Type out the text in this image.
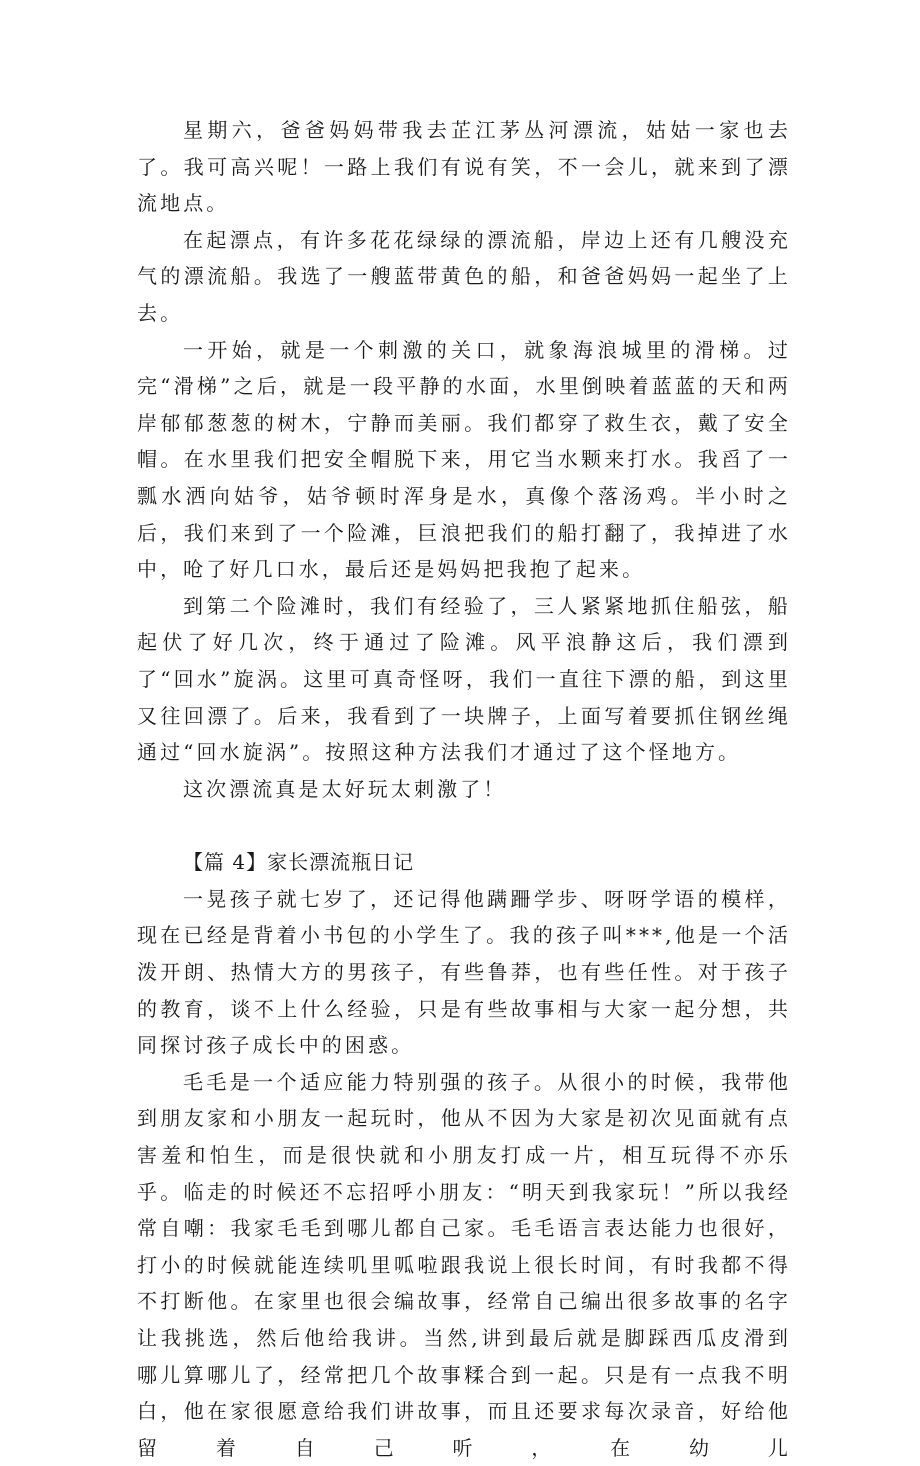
星期六，爸爸妈妈带我去芷江茅丛河漂流，姑姑一家也去了。我可高兴呢！一路上我们有说有笑，不一会儿，就来到了漂流地点。

在起漂点，有许多花花绿绿的漂流船，岸边上还有几艘没充气的漂流船。我选了一艘蓝带黄色的船，和爸爸妈妈一起坐了上去。

一开始，就是一个刺激的关口，就象海浪城里的滑梯。过完“滑梯”之后，就是一段平静的水面，水里倒映着蓝蓝的天和两岸郁郁葱葱的树木，宁静而美丽。我们都穿了救生衣，戴了安全帽。在水里我们把安全帽脱下来，用它当水颗来打水。我舀了一瓢水洒向姑爷，姑爷顿时浑身是水，真像个落汤鸡。半小时之后，我们来到了一个险滩，巨浪把我们的船打翻了，我掉进了水中，呛了好几口水，最后还是妈妈把我抱了起来。

到第二个险滩时，我们有经验了，三人紧紧地抓住船弦，船起伏了好几次，终于通过了险滩。风平浪静这后，我们漂到了“回水”旋涡。这里可真奇怪呀，我们一直往下漂的船，到这里又往回漂了。后来，我看到了一块牌子，上面写着要抓住钢丝绳通过“回水旋涡”。按照这种方法我们才通过了这个怪地方。

这次漂流真是太好玩太刺激了！

【篇 4】家长漂流瓶日记

一晃孩子就七岁了，还记得他蹒跚学步、呀呀学语的模样，现在已经是背着小书包的小学生了。我的孩子叫***,他是一个活泼开朗、热情大方的男孩子，有些鲁莽，也有些任性。对于孩子的教育，谈不上什么经验，只是有些故事相与大家一起分想，共同探讨孩子成长中的困惑。

毛毛是一个适应能力特别强的孩子。从很小的时候，我带他到朋友家和小朋友一起玩时，他从不因为大家是初次见面就有点害羞和怕生，而是很快就和小朋友打成一片，相互玩得不亦乐乎。临走的时候还不忘招呼小朋友：“明天到我家玩！”所以我经常自嘲：我家毛毛到哪儿都自己家。毛毛语言表达能力也很好，打小的时候就能连续叽里呱啦跟我说上很长时间，有时我都不得不打断他。在家里也很会编故事，经常自己编出很多故事的名字让我挑选，然后他给我讲。当然,讲到最后就是脚踩西瓜皮滑到哪儿算哪儿了，经常把几个故事糅合到一起。只是有一点我不明白，他在家很愿意给我们讲故事，而且还要求每次录音，好给他留着自己听，在幼儿
